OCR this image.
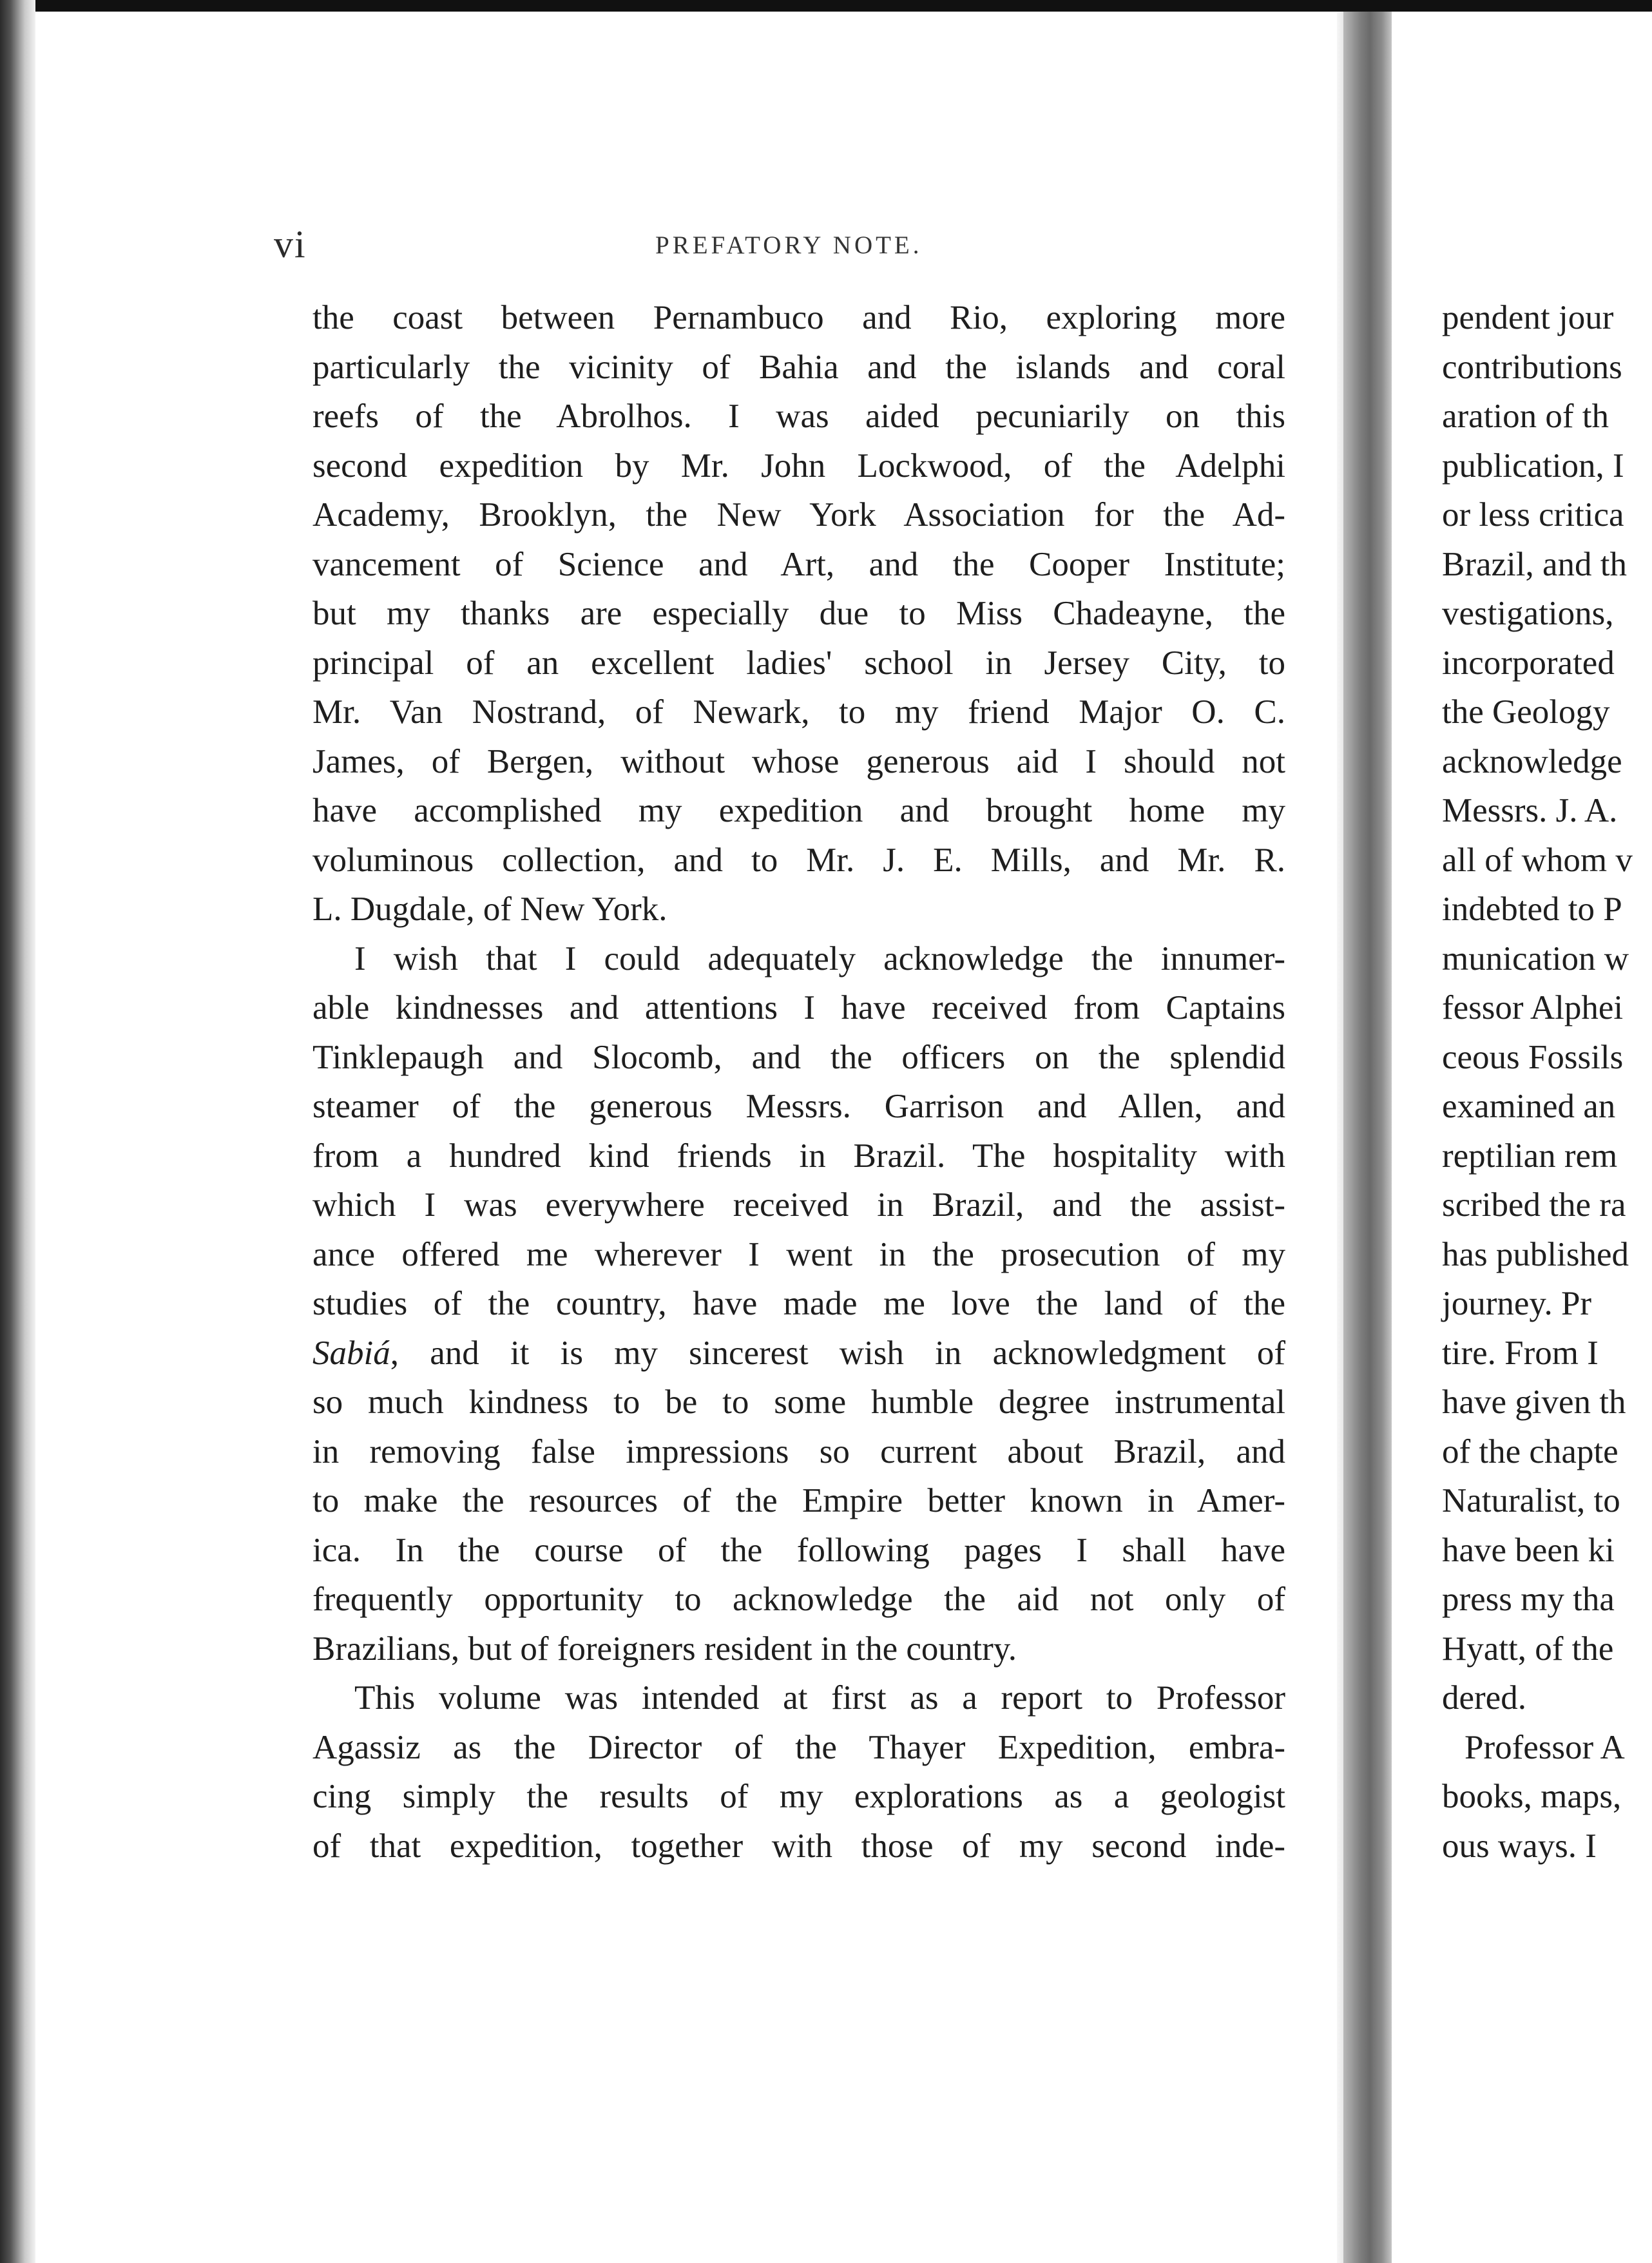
vi	PREFATORY NOTE.
the coast between Pernambuco and Rio, exploring more
particularly the vicinity of Bahia and the islands and coral
reefs of the Abrolhos. I was aided pecuniarily on this
second expedition by Mr. John Lockwood, of the Adelphi
Academy, Brooklyn, the New York Association for the Ad-
vancement of Science and Art, and the Cooper Institute;
but my thanks are especially due to Miss Chadeayne, the
principal of an excellent ladies' school in Jersey City, to
Mr. Van Nostrand, of Newark, to my friend Major O. C.
James, of Bergen, without whose generous aid I should not
have accomplished my expedition and brought home my
voluminous collection, and to Mr. J. E. Mills, and Mr. R.
L. Dugdale, of New York.
I wish that I could adequately acknowledge the innumer-
able kindnesses and attentions I have received from Captains
Tinklepaugh and Slocomb, and the officers on the splendid
steamer of the generous Messrs. Garrison and Allen, and
from a hundred kind friends in Brazil. The hospitality with
which I was everywhere received in Brazil, and the assist-
ance offered me wherever I went in the prosecution of my
studies of the country, have made me love the land of the
Sabiá, and it is my sincerest wish in acknowledgment of
so much kindness to be to some humble degree instrumental
in removing false impressions so current about Brazil, and
to make the resources of the Empire better known in Amer-
ica. In the course of the following pages I shall have
frequently opportunity to acknowledge the aid not only of
Brazilians, but of foreigners resident in the country.
This volume was intended at first as a report to Professor
Agassiz as the Director of the Thayer Expedition, embra-
cing simply the results of my explorations as a geologist
of that expedition, together with those of my second inde-
pendent jour
contributions
aration of th
publication, I
or less critica
Brazil, and th
vestigations,
incorporated
the Geology
acknowledge
Messrs. J. A.
all of whom v
indebted to P
munication w
fessor Alphei
ceous Fossils
examined an
reptilian rem
scribed the ra
has published
journey. Pr
tire. From I
have given th
of the chapte
Naturalist, to
have been ki
press my tha
Hyatt, of the
dered.
Professor A
books, maps,
ous ways. I
